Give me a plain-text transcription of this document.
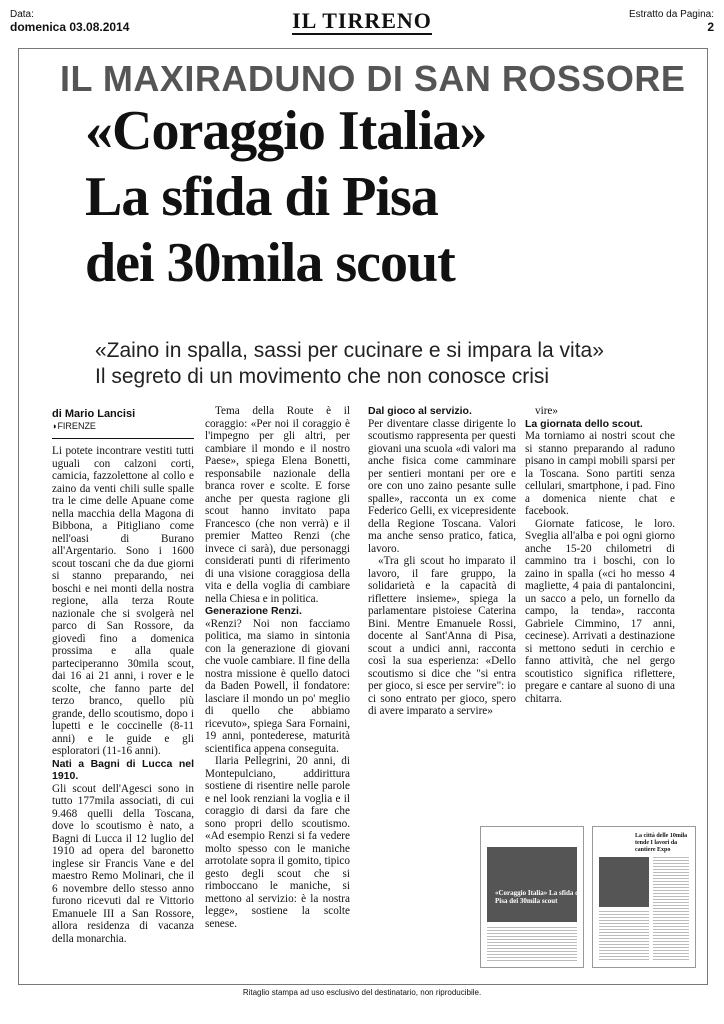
Data:
domenica 03.08.2014	IL TIRRENO	Estratto da Pagina:
2
IL MAXIRADUNO DI SAN ROSSORE
«Coraggio Italia»
La sfida di Pisa
dei 30mila scout
«Zaino in spalla, sassi per cucinare e si impara la vita»
Il segreto di un movimento che non conosce crisi
di Mario Lancisi
◗ FIRENZE

Li potete incontrare vestiti tutti uguali con calzoni corti, camicia, fazzolettone al collo e zaino da venti chili sulle spalle tra le cime delle Apuane come nella macchia della Magona di Bibbona, a Pitigliano come nell'oasi di Burano all'Argentario. Sono i 1600 scout toscani che da due giorni si stanno preparando, nei boschi e nei monti della nostra regione, alla terza Route nazionale che si svolgerà nel parco di San Rossore, da giovedì fino a domenica prossima e alla quale parteciperanno 30mila scout, dai 16 ai 21 anni, i rover e le scolte, che fanno parte del terzo branco, quello più grande, dello scoutismo, dopo i lupetti e le coccinelle (8-11 anni) e le guide e gli esploratori (11-16 anni).

Nati a Bagni di Lucca nel 1910.

Gli scout dell'Agesci sono in tutto 177mila associati, di cui 9.468 quelli della Toscana, dove lo scoutismo è nato, a Bagni di Lucca il 12 luglio del 1910 ad opera del baronetto inglese sir Francis Vane e del maestro Remo Molinari, che il 6 novembre dello stesso anno furono ricevuti dal re Vittorio Emanuele III a San Rossore, allora residenza di vacanza della monarchia.

Tema della Route è il coraggio: «Per noi il coraggio è l'impegno per gli altri, per cambiare il mondo e il nostro Paese», spiega Elena Bonetti, responsabile nazionale della branca rover e scolte. E forse anche per questa ragione gli scout hanno invitato papa Francesco (che non verrà) e il premier Matteo Renzi (che invece ci sarà), due personaggi considerati punti di riferimento di una visione coraggiosa della vita e della voglia di cambiare nella Chiesa e in politica.

Generazione Renzi.

«Renzi? Noi non facciamo politica, ma siamo in sintonia con la generazione di giovani che vuole cambiare. Il fine della nostra missione è quello datoci da Baden Powell, il fondatore: lasciare il mondo un po' meglio di quello che abbiamo ricevuto», spiega Sara Fornaini, 19 anni, pontederese, maturità scientifica appena conseguita.

Ilaria Pellegrini, 20 anni, di Montepulciano, addirittura sostiene di risentire nelle parole e nel look renziani la voglia e il coraggio di darsi da fare che sono propri dello scoutismo. «Ad esempio Renzi si fa vedere molto spesso con le maniche arrotolate sopra il gomito, tipico gesto degli scout che si rimboccano le maniche, si mettono al servizio: è la nostra legge», sostiene la scolte senese.

Dal gioco al servizio.

Per diventare classe dirigente lo scoutismo rappresenta per questi giovani una scuola «di valori ma anche fisica come camminare per sentieri montani per ore e ore con uno zaino pesante sulle spalle», racconta un ex come Federico Gelli, ex vicepresidente della Regione Toscana. Valori ma anche senso pratico, fatica, lavoro.

«Tra gli scout ho imparato il lavoro, il fare gruppo, la solidarietà e la capacità di riflettere insieme», spiega la parlamentare pistoiese Caterina Bini. Mentre Emanuele Rossi, docente al Sant'Anna di Pisa, scout a undici anni, racconta così la sua esperienza: «Dello scoutismo si dice che "si entra per gioco, si esce per servire": io ci sono entrato per gioco, spero di avere imparato a servire»

vire»

La giornata dello scout.

Ma torniamo ai nostri scout che si stanno preparando al raduno pisano in campi mobili sparsi per la Toscana. Sono partiti senza cellulari, smartphone, i pad. Fino a domenica niente chat e facebook.

Giornate faticose, le loro. Sveglia all'alba e poi ogni giorno anche 15-20 chilometri di cammino tra i boschi, con lo zaino in spalla («ci ho messo 4 magliette, 4 paia di pantaloncini, un sacco a pelo, un fornello da campo, la tenda», racconta Gabriele Cimmino, 17 anni, cecinese). Arrivati a destinazione si mettono seduti in cerchio e fanno attività, che nel gergo scoutistico significa riflettere, pregare e cantare al suono di una chitarra.

«Coraggio Italia» La sfida di Pisa dei 30mila scout
La città delle 10mila tende I lavori da cantiere Expo
Ritaglio stampa ad uso esclusivo del destinatario, non riproducibile.
